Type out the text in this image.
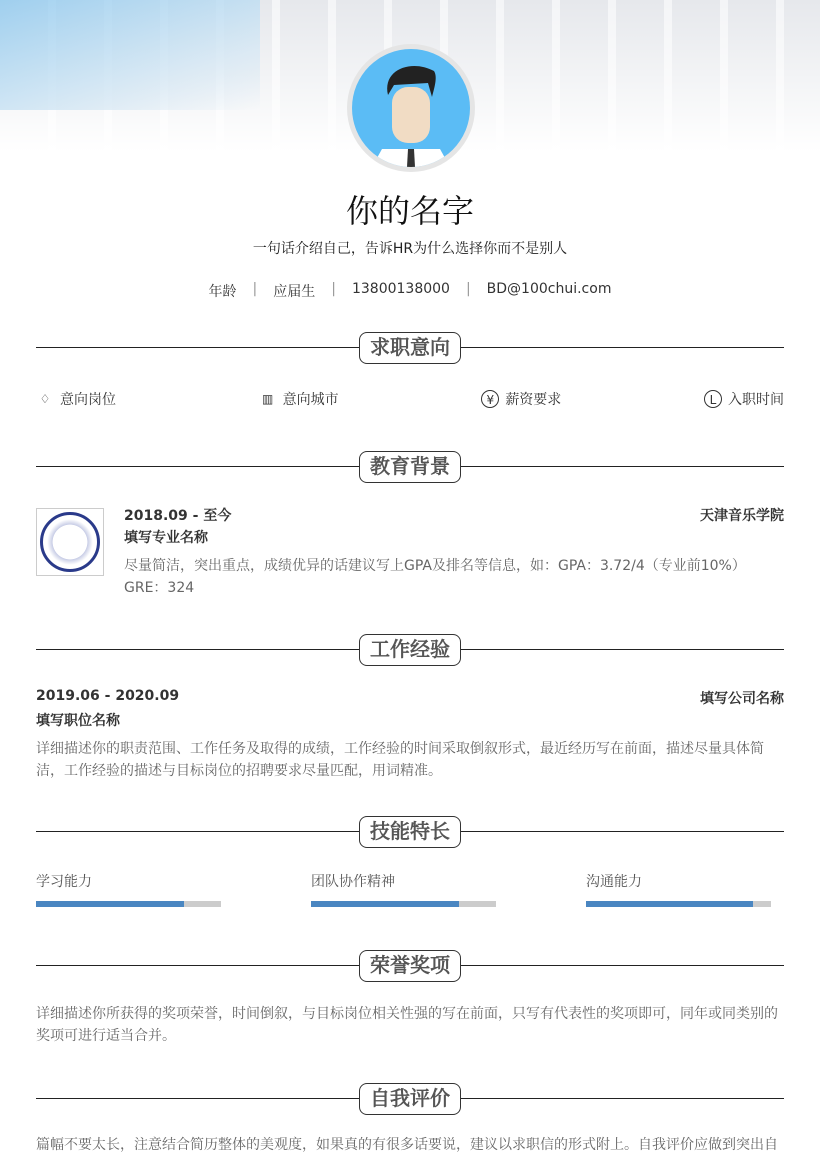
你的名字
一句话介绍自己，告诉HR为什么选择你而不是别人
年龄 | 应届生 | 13800138000 | BD@100chui.com
求职意向
♢ 意向岗位	▥ 意向城市	¥ 薪资要求	L 入职时间
教育背景
2018.09 - 至今
填写专业名称
天津音乐学院
尽量简洁，突出重点，成绩优异的话建议写上GPA及排名等信息，如：GPA：3.72/4（专业前10%） GRE：324
工作经验
2019.06 - 2020.09
填写职位名称
填写公司名称
详细描述你的职责范围、工作任务及取得的成绩，工作经验的时间采取倒叙形式，最近经历写在前面，描述尽量具体简洁，工作经验的描述与目标岗位的招聘要求尽量匹配，用词精准。
技能特长
学习能力	团队协作精神	沟通能力
荣誉奖项
详细描述你所获得的奖项荣誉，时间倒叙，与目标岗位相关性强的写在前面，只写有代表性的奖项即可，同年或同类别的奖项可进行适当合并。
自我评价
篇幅不要太长，注意结合简历整体的美观度，如果真的有很多话要说，建议以求职信的形式附上。自我评价应做到突出自
